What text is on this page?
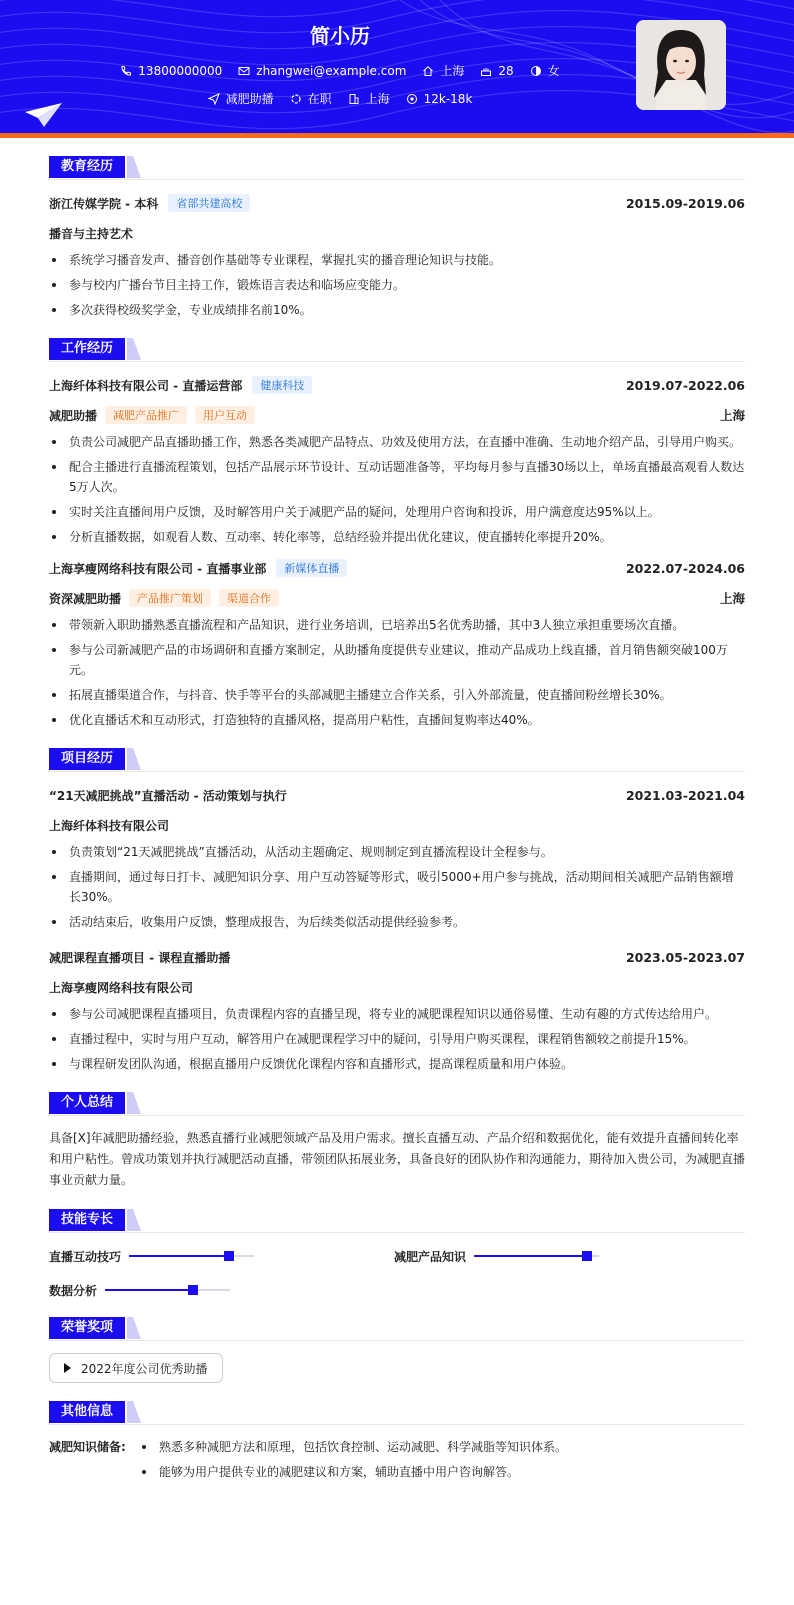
简小历
13800000000	zhangwei@example.com	上海	28	女
减肥助播	在职	上海	12k-18k
教育经历
浙江传媒学院 - 本科	省部共建高校	2015.09-2019.06
播音与主持艺术
系统学习播音发声、播音创作基础等专业课程，掌握扎实的播音理论知识与技能。
参与校内广播台节目主持工作，锻炼语言表达和临场应变能力。
多次获得校级奖学金，专业成绩排名前10%。
工作经历
上海纤体科技有限公司 - 直播运营部	健康科技	2019.07-2022.06
减肥助播	减肥产品推广	用户互动	上海
负责公司减肥产品直播助播工作，熟悉各类减肥产品特点、功效及使用方法，在直播中准确、生动地介绍产品，引导用户购买。
配合主播进行直播流程策划，包括产品展示环节设计、互动话题准备等，平均每月参与直播30场以上，单场直播最高观看人数达5万人次。
实时关注直播间用户反馈，及时解答用户关于减肥产品的疑问，处理用户咨询和投诉，用户满意度达95%以上。
分析直播数据，如观看人数、互动率、转化率等，总结经验并提出优化建议，使直播转化率提升20%。
上海享瘦网络科技有限公司 - 直播事业部	新媒体直播	2022.07-2024.06
资深减肥助播	产品推广策划	渠道合作	上海
带领新入职助播熟悉直播流程和产品知识，进行业务培训，已培养出5名优秀助播，其中3人独立承担重要场次直播。
参与公司新减肥产品的市场调研和直播方案制定，从助播角度提供专业建议，推动产品成功上线直播，首月销售额突破100万元。
拓展直播渠道合作，与抖音、快手等平台的头部减肥主播建立合作关系，引入外部流量，使直播间粉丝增长30%。
优化直播话术和互动形式，打造独特的直播风格，提高用户粘性，直播间复购率达40%。
项目经历
“21天减肥挑战”直播活动 - 活动策划与执行	2021.03-2021.04
上海纤体科技有限公司
负责策划“21天减肥挑战”直播活动，从活动主题确定、规则制定到直播流程设计全程参与。
直播期间，通过每日打卡、减肥知识分享、用户互动答疑等形式，吸引5000+用户参与挑战，活动期间相关减肥产品销售额增长30%。
活动结束后，收集用户反馈，整理成报告，为后续类似活动提供经验参考。
减肥课程直播项目 - 课程直播助播	2023.05-2023.07
上海享瘦网络科技有限公司
参与公司减肥课程直播项目，负责课程内容的直播呈现，将专业的减肥课程知识以通俗易懂、生动有趣的方式传达给用户。
直播过程中，实时与用户互动，解答用户在减肥课程学习中的疑问，引导用户购买课程，课程销售额较之前提升15%。
与课程研发团队沟通，根据直播用户反馈优化课程内容和直播形式，提高课程质量和用户体验。
个人总结

具备[X]年减肥助播经验，熟悉直播行业减肥领域产品及用户需求。擅长直播互动、产品介绍和数据优化，能有效提升直播间转化率和用户粘性。曾成功策划并执行减肥活动直播，带领团队拓展业务，具备良好的团队协作和沟通能力，期待加入贵公司，为减肥直播事业贡献力量。

技能专长
直播互动技巧	减肥产品知识
数据分析
荣誉奖项
2022年度公司优秀助播
其他信息
减肥知识储备:	熟悉多种减肥方法和原理，包括饮食控制、运动减肥、科学减脂等知识体系。
能够为用户提供专业的减肥建议和方案，辅助直播中用户咨询解答。
